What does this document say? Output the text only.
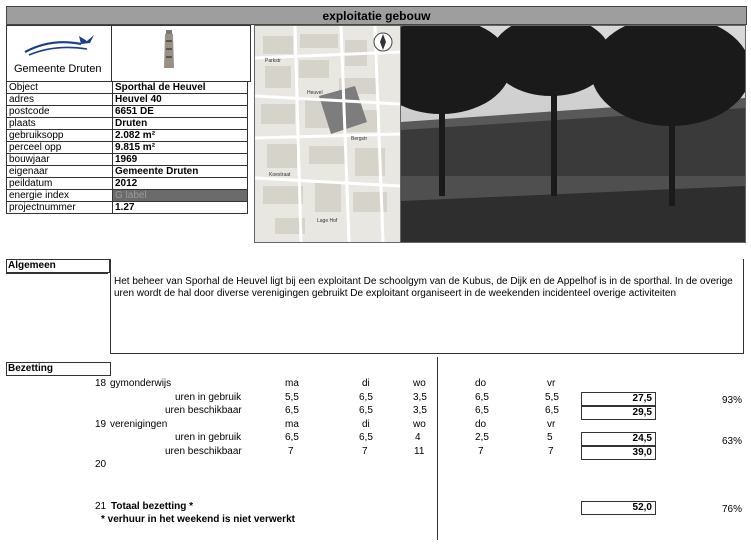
exploitatie gebouw
Gemeente Druten
Object	Sporthal de Heuvel
adres	Heuvel 40
postcode	6651 DE
plaats	Druten
gebruiksopp	2.082 m²
perceel opp	9.815 m²
bouwjaar	1969
eigenaar	Gemeente Druten
peildatum	2012
energie index	G label
projectnummer	1.27
Parkstr
Heuvel
Bergstr
Koestraat
Lage Hof
Algemeen
Het beheer van Sporhal de Heuvel ligt bij een exploitant De schoolgym van de Kubus, de Dijk en de Appelhof is in de sporthal. In de overige uren wordt de hal door diverse verenigingen gebruikt De exploitant organiseert in de weekenden incidenteel overige activiteiten
Bezetting
18 gymonderwijs	ma	di	wo	do	vr
uren in gebruik	5,5	6,5	3,5	6,5	5,5	27,5	93%
uren beschikbaar	6,5	6,5	3,5	6,5	6,5	29,5
19 verenigingen	ma	di	wo	do	vr
uren in gebruik	6,5	6,5	4	2,5	5	24,5	63%
uren beschikbaar	7	7	11	7	7	39,0
20
21 Totaal bezetting *	52,0	76%
* verhuur in het weekend is niet verwerkt
